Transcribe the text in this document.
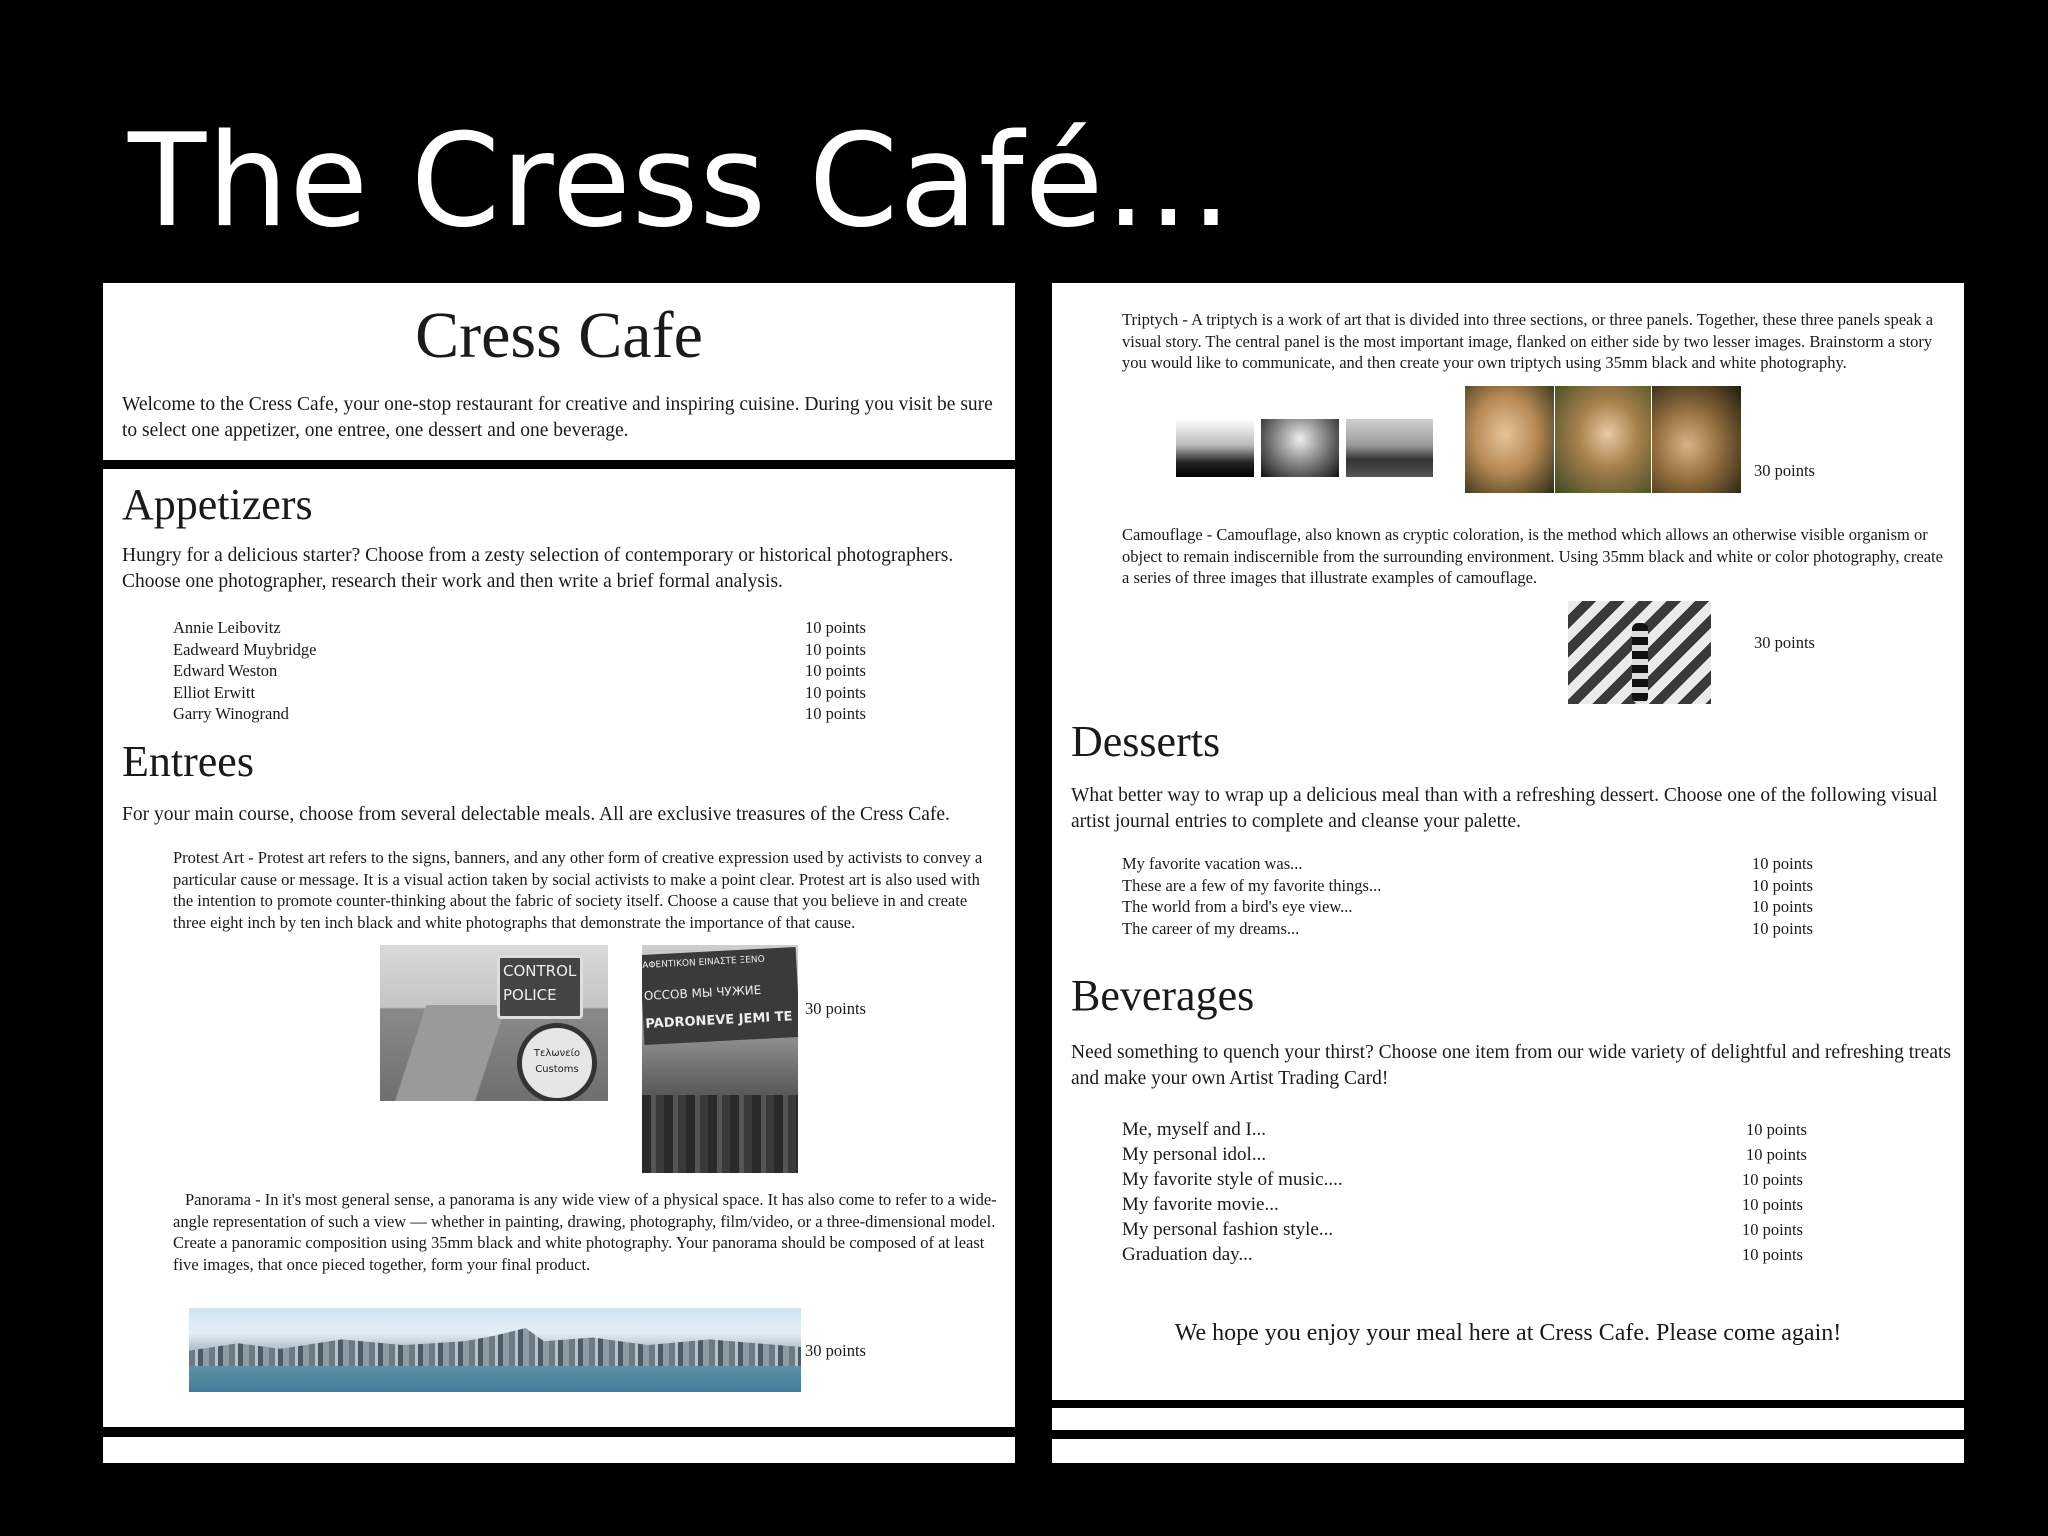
The Cress Café…
Cress Cafe
Welcome to the Cress Cafe, your one-stop restaurant for creative and inspiring cuisine. During you visit be sure to select one appetizer, one entree, one dessert and one beverage.
Appetizers
Hungry for a delicious starter? Choose from a zesty selection of contemporary or historical photographers. Choose one photographer, research their work and then write a brief formal analysis.
Annie Leibovitz	10 points
Eadweard Muybridge	10 points
Edward Weston	10 points
Elliot Erwitt	10 points
Garry Winogrand	10 points
Entrees
For your main course, choose from several delectable meals. All are exclusive treasures of the Cress Cafe.
Protest Art - Protest art refers to the signs, banners, and any other form of creative expression used by activists to convey a particular cause or message. It is a visual action taken by social activists to make a point clear. Protest art is also used with the intention to promote counter-thinking about the fabric of society itself. Choose a cause that you believe in and create three eight inch by ten inch black and white photographs that demonstrate the importance of that cause.
CONTROL
POLICE
Τελωνείο
Customs
ΑΦΕΝΤΙΚΟΝ ΕΙΝΑΣΤΕ ΞΕΝΟ
ОССОВ МЫ ЧУЖИЕ
PADRONEVE JEMI TE
30 points
Panorama - In it's most general sense, a panorama is any wide view of a physical space. It has also come to refer to a wide-angle representation of such a view — whether in painting, drawing, photography, film/video, or a three-dimensional model. Create a panoramic composition using 35mm black and white photography. Your panorama should be composed of at least five images, that once pieced together, form your final product.
30 points
Triptych - A triptych is a work of art that is divided into three sections, or three panels. Together, these three panels speak a visual story. The central panel is the most important image, flanked on either side by two lesser images. Brainstorm a story you would like to communicate, and then create your own triptych using 35mm black and white photography.
30 points
Camouflage - Camouflage, also known as cryptic coloration, is the method which allows an otherwise visible organism or object to remain indiscernible from the surrounding environment. Using 35mm black and white or color photography, create a series of three images that illustrate examples of camouflage.
30 points
Desserts
What better way to wrap up a delicious meal than with a refreshing dessert. Choose one of the following visual artist journal entries to complete and cleanse your palette.
My favorite vacation was...	10 points
These are a few of my favorite things...	10 points
The world from a bird's eye view...	10 points
The career of my dreams...	10 points
Beverages
Need something to quench your thirst? Choose one item from our wide variety of delightful and refreshing treats and make your own Artist Trading Card!
Me, myself and I...	10 points
My personal idol...	10 points
My favorite style of music....	10 points
My favorite movie...	10 points
My personal fashion style...	10 points
Graduation day...	10 points
We hope you enjoy your meal here at Cress Cafe. Please come again!
